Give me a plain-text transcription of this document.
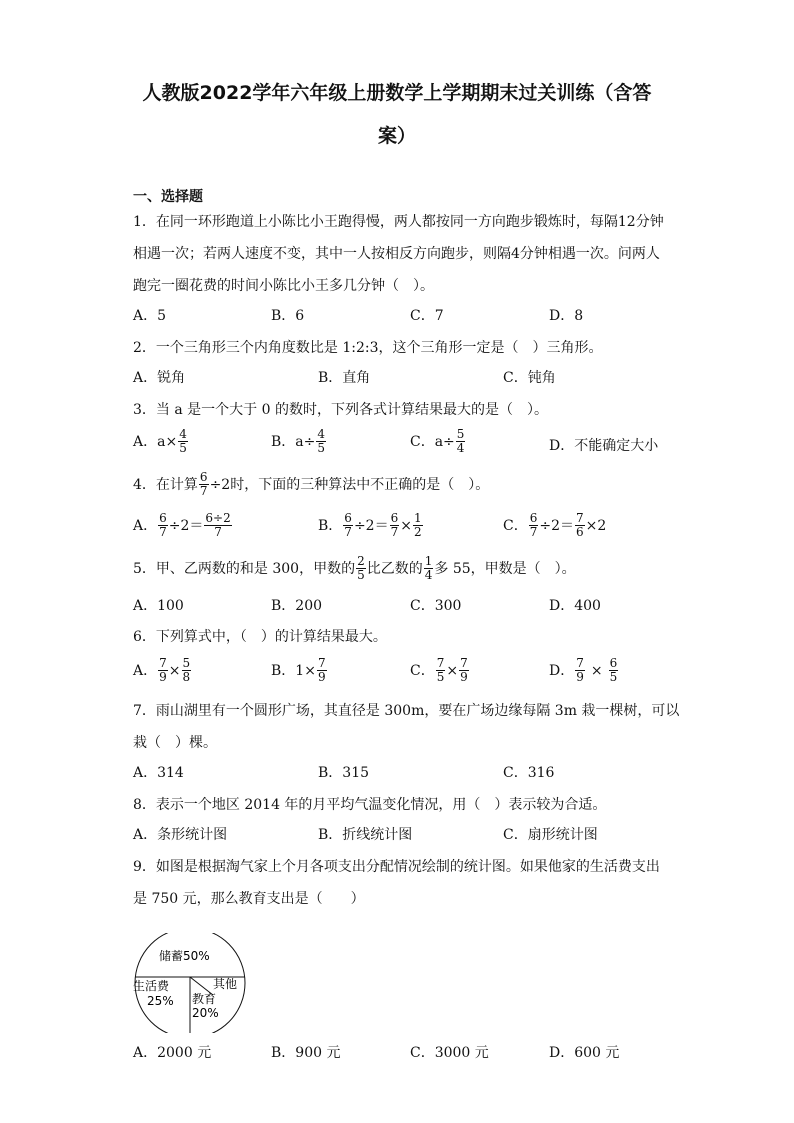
人教版2022学年六年级上册数学上学期期末过关训练（含答
案）
一、选择题
1．在同一环形跑道上小陈比小王跑得慢，两人都按同一方向跑步锻炼时，每隔12分钟
相遇一次；若两人速度不变，其中一人按相反方向跑步，则隔4分钟相遇一次。问两人
跑完一圈花费的时间小陈比小王多几分钟（　）。
A．5	B．6	C．7	D．8
2．一个三角形三个内角度数比是 1:2:3，这个三角形一定是（　）三角形。
A．锐角	B．直角	C．钝角
3．当 a 是一个大于 0 的数时，下列各式计算结果最大的是（　）。
A．$a\times \frac{4}{5}$	B．$a\div \frac{4}{5}$	C．$a\div \frac{5}{4}$	D．不能确定大小
4．在计算 $\frac{6}{7} \div 2$时，下面的三种算法中不正确的是（　）。
A． $\frac{6}{7} \div 2= \frac{6\div 2}{7}$	B． $\frac{6}{7} \div 2= \frac{6}{7} \times \frac{1}{2}$	C． $\frac{6}{7} \div 2= \frac{7}{6} \times 2$
5．甲、乙两数的和是 300，甲数的 $\frac{2}{5}$ 比乙数的 $\frac{1}{4}$ 多 55，甲数是（　）。
A．100	B．200	C．300	D．400
6．下列算式中，（　）的计算结果最大。
A． $\frac{7}{9} \times \frac{5}{8}$	B．$1\times \frac{7}{9}$	C． $\frac{7}{5} \times \frac{7}{9}$	D． $\frac{7}{9} \times \frac{6}{5}$
7．雨山湖里有一个圆形广场，其直径是 300m，要在广场边缘每隔 3m 栽一棵树，可以
栽（　）棵。
A．314	B．315	C．316
8．表示一个地区 2014 年的月平均气温变化情况，用（　）表示较为合适。
A．条形统计图	B．折线统计图	C．扇形统计图
9．如图是根据淘气家上个月各项支出分配情况绘制的统计图。如果他家的生活费支出
是 750 元，那么教育支出是（　　）
储蓄50%
生活费
25% 教育
20%
其他
A．2000 元	B．900 元	C．3000 元	D．600 元
